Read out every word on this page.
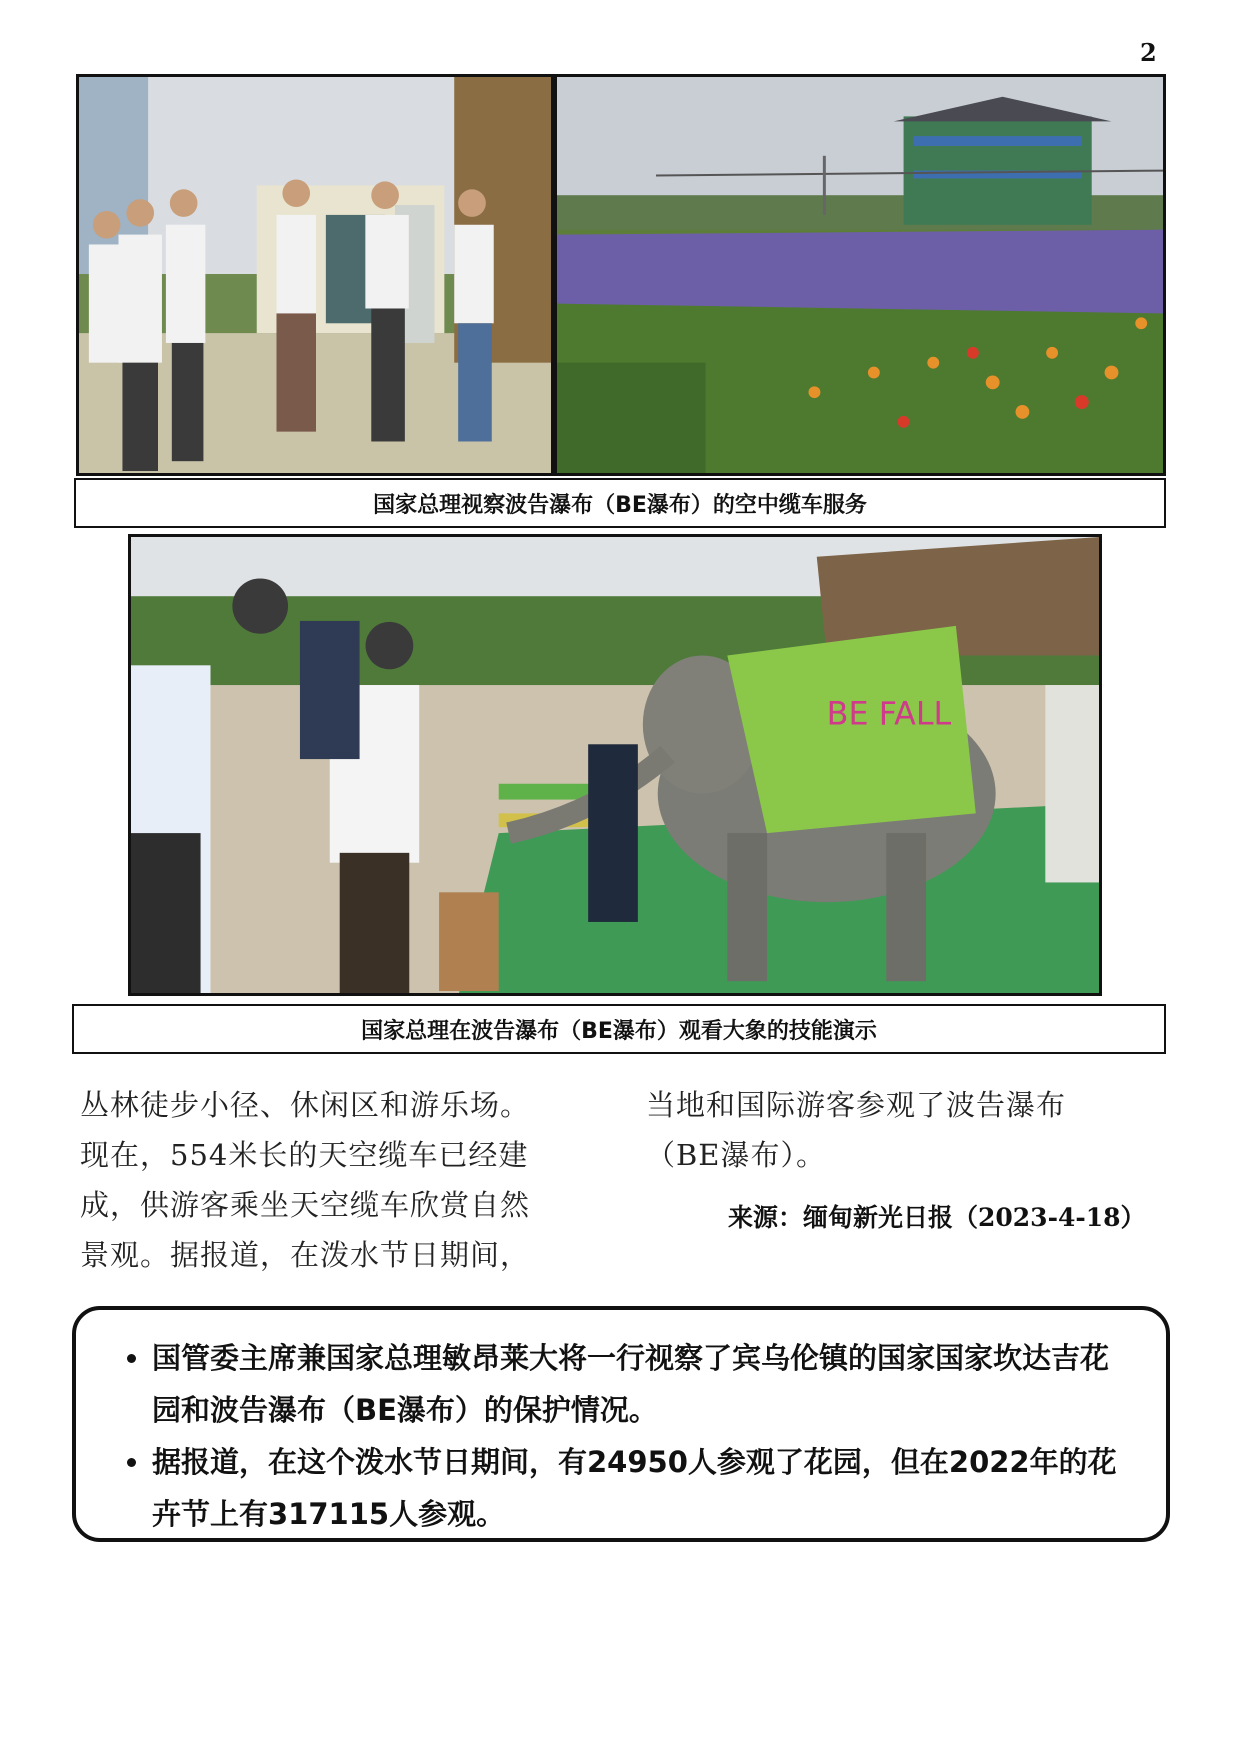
2
国家总理视察波告瀑布（BE瀑布）的空中缆车服务
BE FALL
国家总理在波告瀑布（BE瀑布）观看大象的技能演示

丛林徒步小径、休闲区和游乐场。

现在，554米长的天空缆车已经建

成，供游客乘坐天空缆车欣赏自然

景观。据报道，在泼水节日期间，

当地和国际游客参观了波告瀑布

（BE瀑布）。

来源：缅甸新光日报（2023-4-18）
• 国管委主席兼国家总理敏昂莱大将一行视察了宾乌伦镇的国家国家坎达吉花园和波告瀑布（BE瀑布）的保护情况。
• 据报道，在这个泼水节日期间，有24950人参观了花园，但在2022年的花卉节上有317115人参观。
